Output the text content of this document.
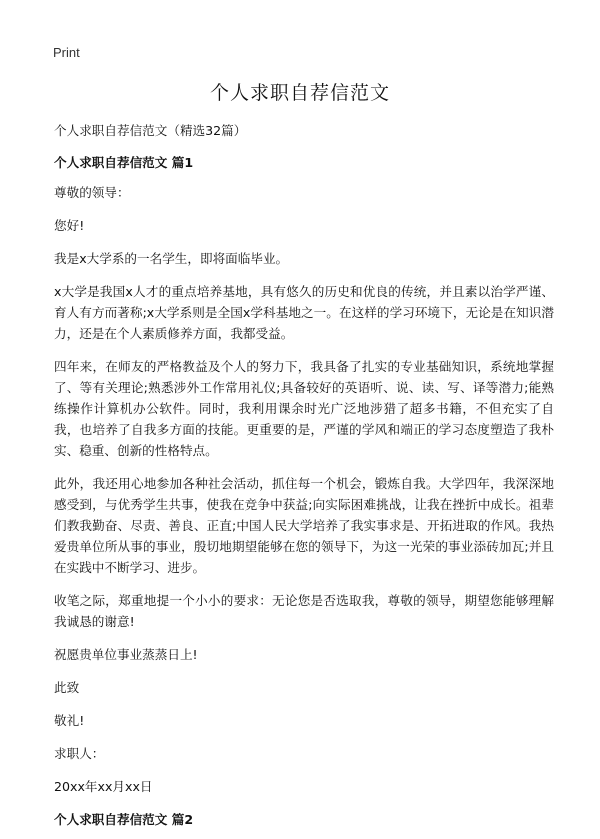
Print
个人求职自荐信范文

个人求职自荐信范文（精选32篇）

个人求职自荐信范文 篇1

尊敬的领导：

您好!

我是x大学系的一名学生，即将面临毕业。

x大学是我国x人才的重点培养基地，具有悠久的历史和优良的传统，并且素以治学严谨、育人有方而著称;x大学系则是全国x学科基地之一。在这样的学习环境下，无论是在知识潜力，还是在个人素质修养方面，我都受益。

四年来，在师友的严格教益及个人的努力下，我具备了扎实的专业基础知识，系统地掌握了、等有关理论;熟悉涉外工作常用礼仪;具备较好的英语听、说、读、写、译等潜力;能熟练操作计算机办公软件。同时，我利用课余时光广泛地涉猎了超多书籍，不但充实了自我，也培养了自我多方面的技能。更重要的是，严谨的学风和端正的学习态度塑造了我朴实、稳重、创新的性格特点。

此外，我还用心地参加各种社会活动，抓住每一个机会，锻炼自我。大学四年，我深深地感受到，与优秀学生共事，使我在竞争中获益;向实际困难挑战，让我在挫折中成长。祖辈们教我勤奋、尽责、善良、正直;中国人民大学培养了我实事求是、开拓进取的作风。我热爱贵单位所从事的事业，殷切地期望能够在您的领导下，为这一光荣的事业添砖加瓦;并且在实践中不断学习、进步。

收笔之际，郑重地提一个小小的要求：无论您是否选取我，尊敬的领导，期望您能够理解我诚恳的谢意!

祝愿贵单位事业蒸蒸日上!

此致

敬礼!

求职人：

20xx年xx月xx日

个人求职自荐信范文 篇2
